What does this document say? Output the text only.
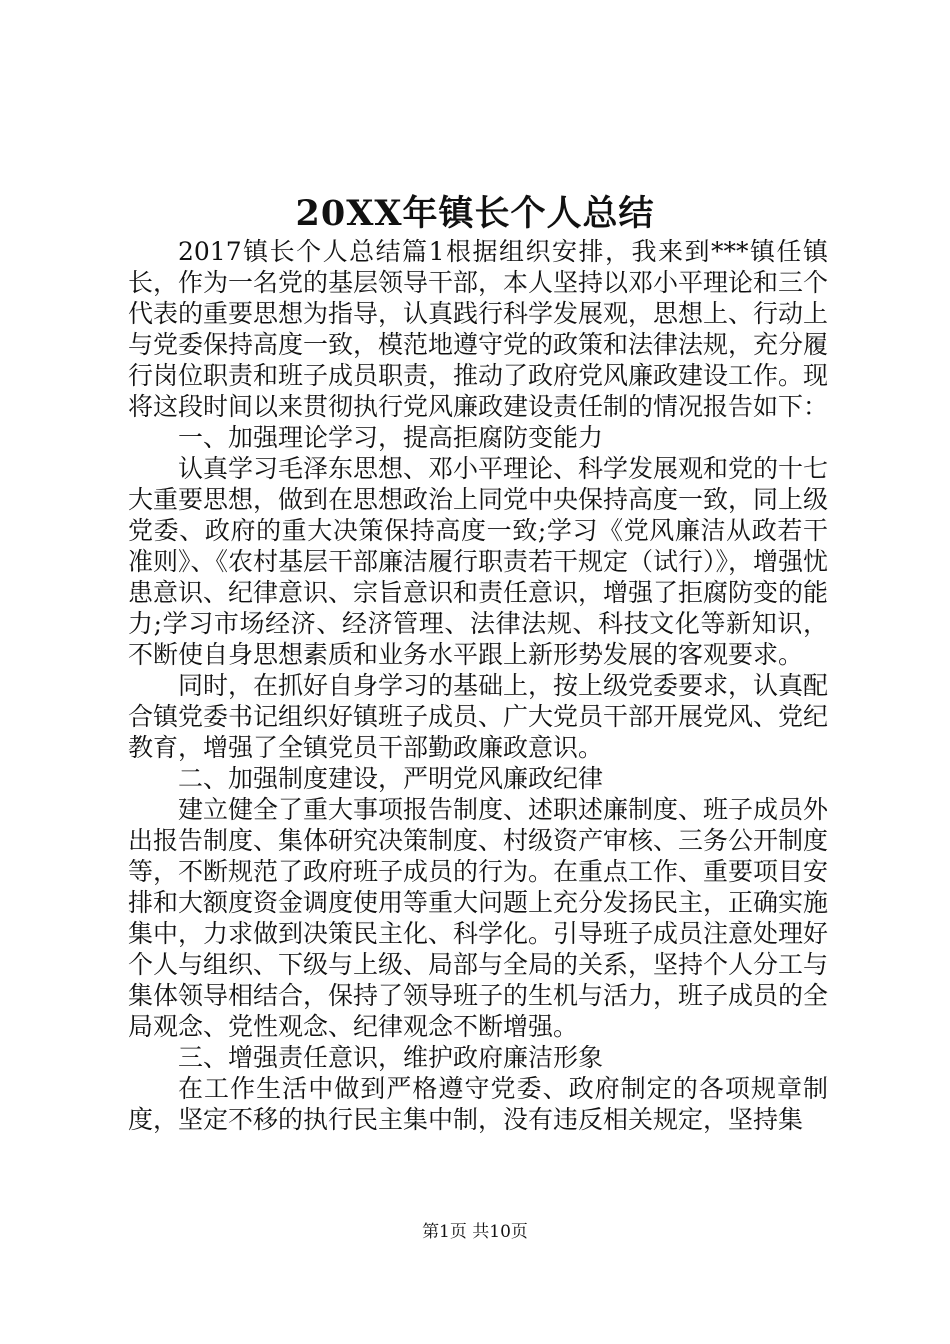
20XX年镇长个人总结

2017镇长个人总结篇1根据组织安排，我来到***镇任镇长，作为一名党的基层领导干部，本人坚持以邓小平理论和三个代表的重要思想为指导，认真践行科学发展观，思想上、行动上与党委保持高度一致，模范地遵守党的政策和法律法规，充分履行岗位职责和班子成员职责，推动了政府党风廉政建设工作。现将这段时间以来贯彻执行党风廉政建设责任制的情况报告如下：

一、加强理论学习，提高拒腐防变能力

认真学习毛泽东思想、邓小平理论、科学发展观和党的十七大重要思想，做到在思想政治上同党中央保持高度一致，同上级党委、政府的重大决策保持高度一致;学习《党风廉洁从政若干准则》、《农村基层干部廉洁履行职责若干规定（试行）》，增强忧患意识、纪律意识、宗旨意识和责任意识，增强了拒腐防变的能力;学习市场经济、经济管理、法律法规、科技文化等新知识，不断使自身思想素质和业务水平跟上新形势发展的客观要求。

同时，在抓好自身学习的基础上，按上级党委要求，认真配合镇党委书记组织好镇班子成员、广大党员干部开展党风、党纪教育，增强了全镇党员干部勤政廉政意识。

二、加强制度建设，严明党风廉政纪律

建立健全了重大事项报告制度、述职述廉制度、班子成员外出报告制度、集体研究决策制度、村级资产审核、三务公开制度等，不断规范了政府班子成员的行为。在重点工作、重要项目安排和大额度资金调度使用等重大问题上充分发扬民主，正确实施集中，力求做到决策民主化、科学化。引导班子成员注意处理好个人与组织、下级与上级、局部与全局的关系，坚持个人分工与集体领导相结合，保持了领导班子的生机与活力，班子成员的全局观念、党性观念、纪律观念不断增强。

三、增强责任意识，维护政府廉洁形象

在工作生活中做到严格遵守党委、政府制定的各项规章制度，坚定不移的执行民主集中制，没有违反相关规定，坚持集

第1页 共10页
